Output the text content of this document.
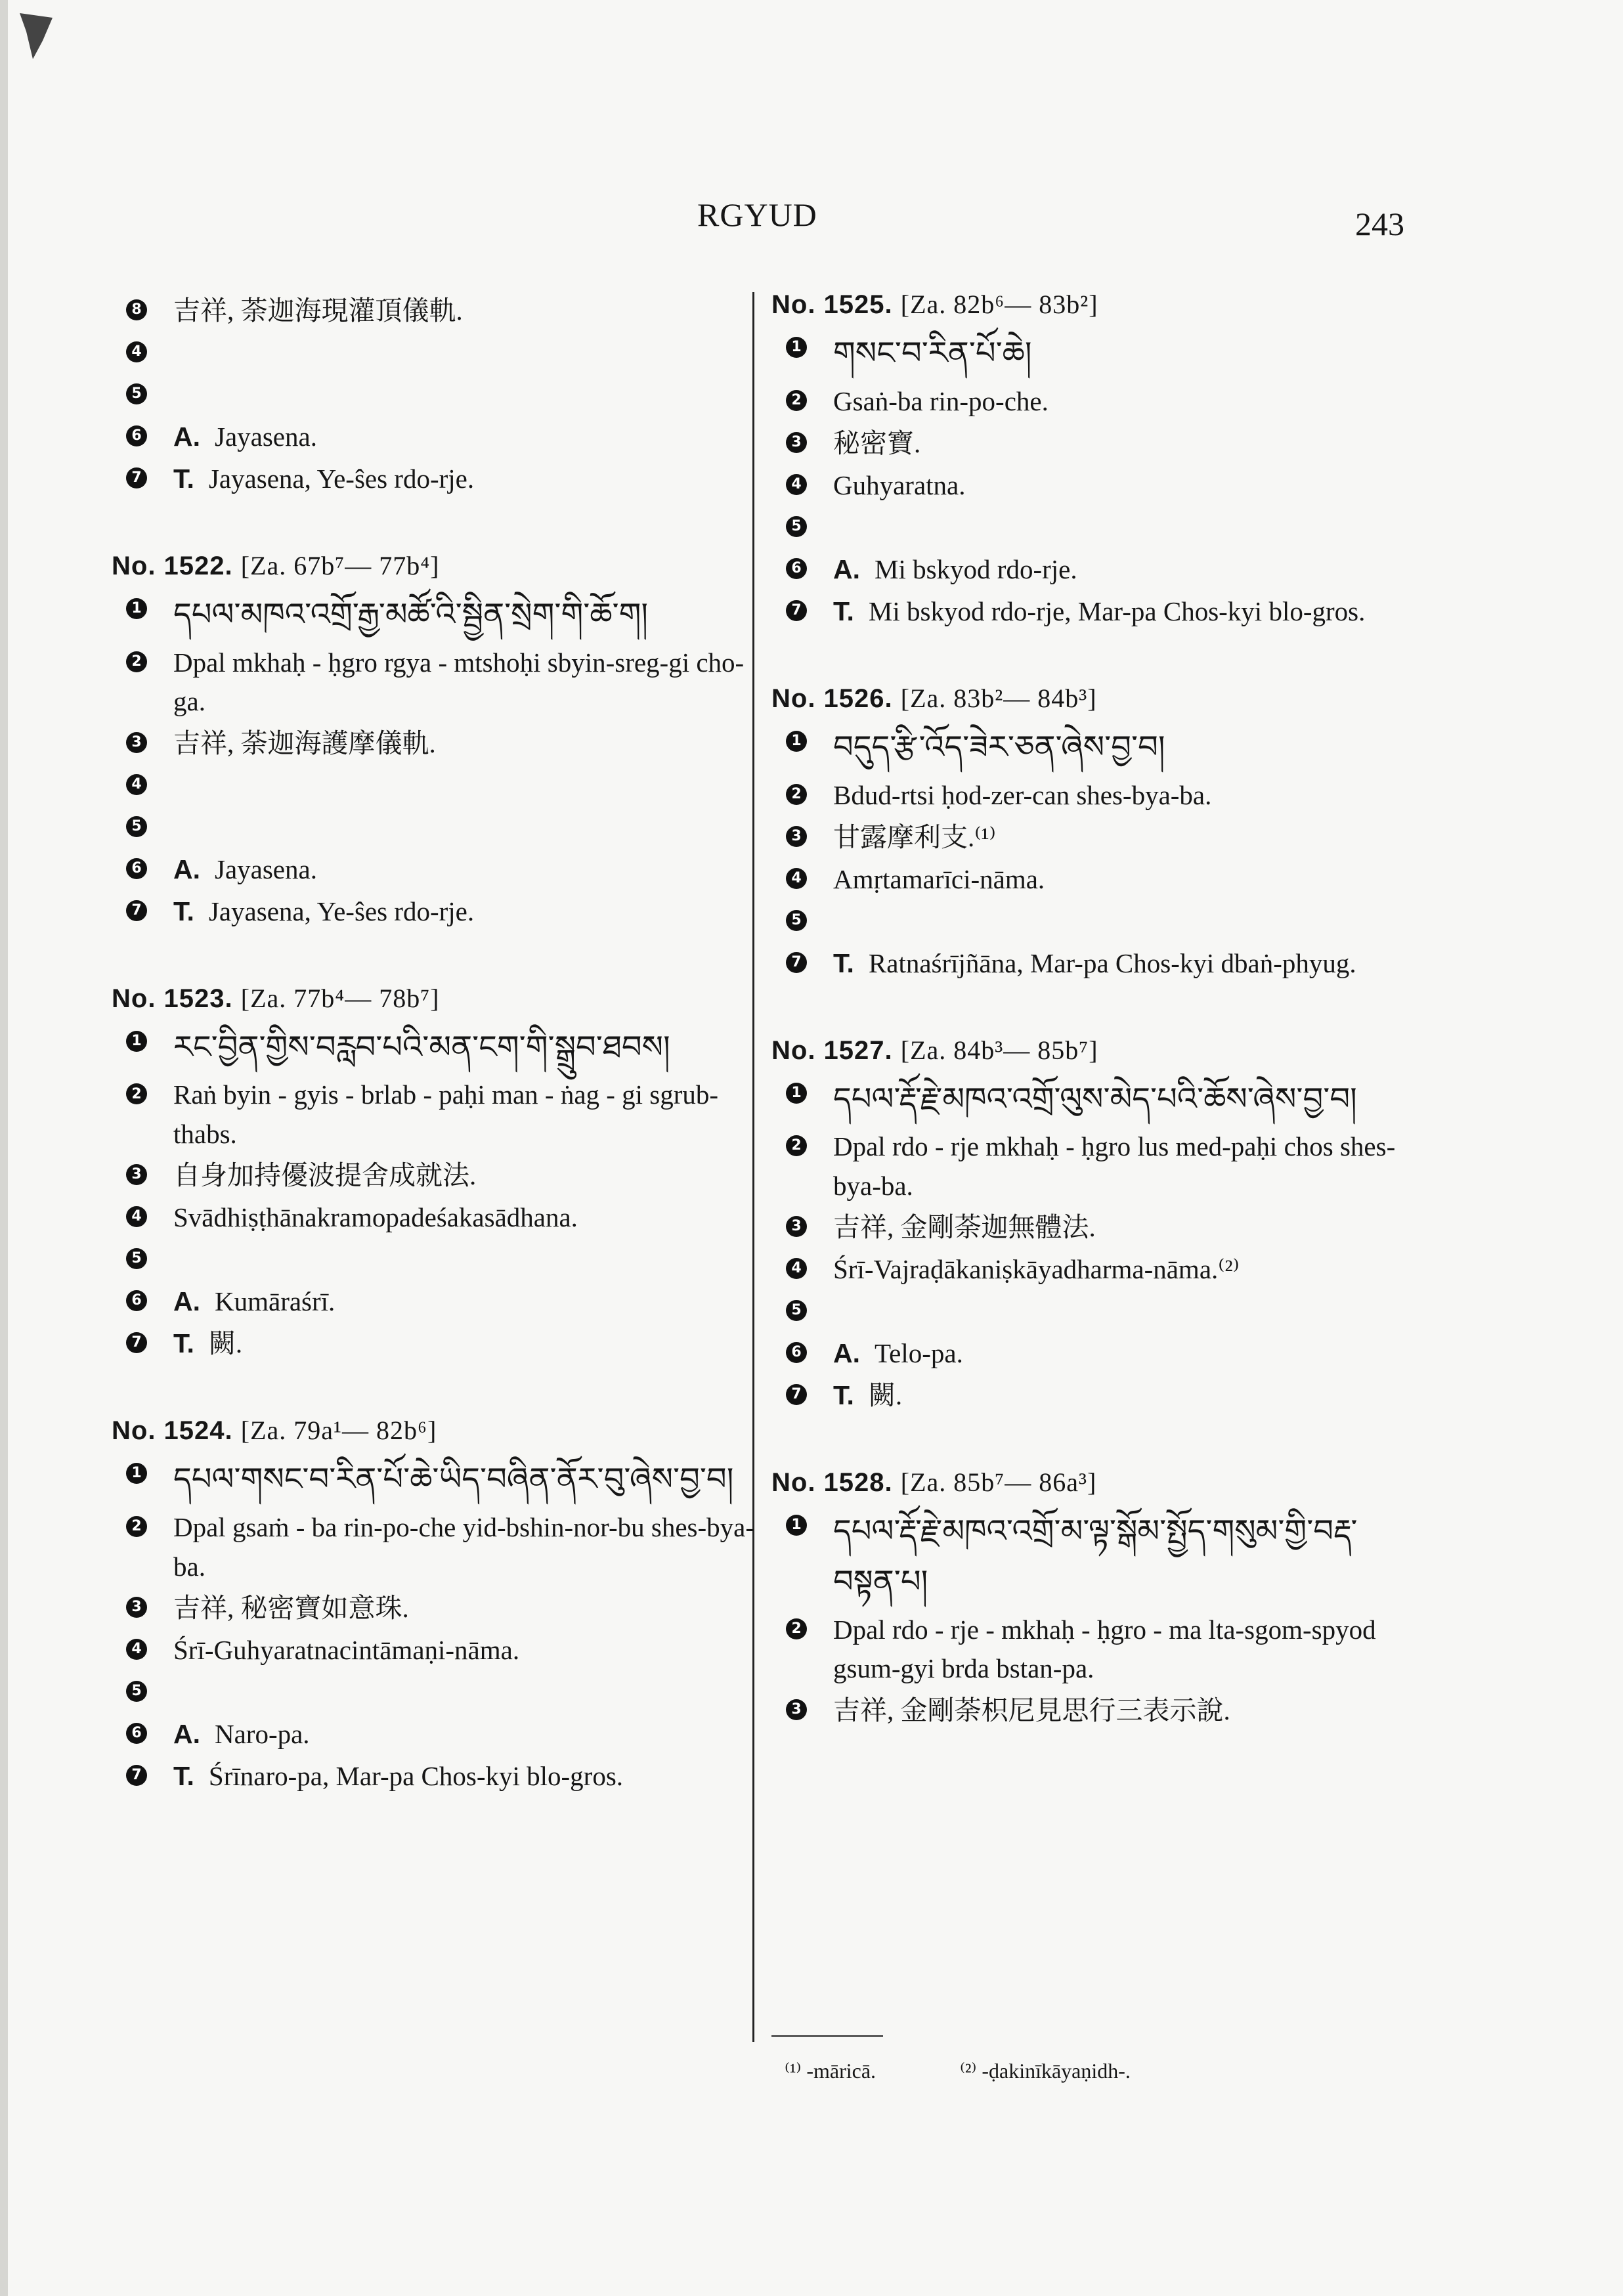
RGYUD	243
8 吉祥, 荼迦海現灌頂儀軌.
4
5
6 A. Jayasena.
7 T. Jayasena, Ye-ŝes rdo-rje.
No. 1522. [Za. 67b⁷— 77b⁴]
1 དཔལ་མཁའ་འགྲོ་རྒྱ་མཚོ་འི་སྦྱིན་སྲེག་གི་ཆོ་ག།
2 Dpal mkhaḥ - ḥgro rgya - mtshoḥi sbyin-sreg-gi cho-ga.
3 吉祥, 荼迦海護摩儀軌.
4
5
6 A. Jayasena.
7 T. Jayasena, Ye-ŝes rdo-rje.
No. 1523. [Za. 77b⁴— 78b⁷]
1 རང་བྱིན་གྱིས་བརླབ་པའི་མན་ངག་གི་སྒྲུབ་ཐབས།
2 Raṅ byin - gyis - brlab - paḥi man - ṅag - gi sgrub-thabs.
3 自身加持優波提舍成就法.
4 Svādhiṣṭhānakramopadeśakasādhana.
5
6 A. Kumāraśrī.
7 T. 闕.
No. 1524. [Za. 79a¹— 82b⁶]
1 དཔལ་གསང་བ་རིན་པོ་ཆེ་ཡིད་བཞིན་ནོར་བུ་ཞེས་བྱ་བ།
2 Dpal gsaṁ - ba rin-po-che yid-bshin-nor-bu shes-bya-ba.
3 吉祥, 秘密寶如意珠.
4 Śrī-Guhyaratnacintāmaṇi-nāma.
5
6 A. Naro-pa.
7 T. Śrīnaro-pa, Mar-pa Chos-kyi blo-gros.
No. 1525. [Za. 82b⁶— 83b²]
1 གསང་བ་རིན་པོ་ཆེ།
2 Gsaṅ-ba rin-po-che.
3 秘密寶.
4 Guhyaratna.
5
6 A. Mi bskyod rdo-rje.
7 T. Mi bskyod rdo-rje, Mar-pa Chos-kyi blo-gros.
No. 1526. [Za. 83b²— 84b³]
1 བདུད་རྩི་འོད་ཟེར་ཅན་ཞེས་བྱ་བ།
2 Bdud-rtsi ḥod-zer-can shes-bya-ba.
3 甘露摩利支.⁽¹⁾
4 Amṛtamarīci-nāma.
5
7 T. Ratnaśrījñāna, Mar-pa Chos-kyi dbaṅ-phyug.
No. 1527. [Za. 84b³— 85b⁷]
1 དཔལ་རྡོ་རྗེ་མཁའ་འགྲོ་ལུས་མེད་པའི་ཆོས་ཞེས་བྱ་བ།
2 Dpal rdo - rje mkhaḥ - ḥgro lus med-paḥi chos shes-bya-ba.
3 吉祥, 金剛荼迦無體法.
4 Śrī-Vajraḍākaniṣkāyadharma-nāma.⁽²⁾
5
6 A. Telo-pa.
7 T. 闕.
No. 1528. [Za. 85b⁷— 86a³]
1 དཔལ་རྡོ་རྗེ་མཁའ་འགྲོ་མ་ལྟ་སྒོམ་སྤྱོད་གསུམ་གྱི་བརྡ་བསྟན་པ།
2 Dpal rdo - rje - mkhaḥ - ḥgro - ma lta-sgom-spyod gsum-gyi brda bstan-pa.
3 吉祥, 金剛荼枳尼見思行三表示說.
⁽¹⁾ -māricā.	⁽²⁾ -ḍakinīkāyaṇidh-.
